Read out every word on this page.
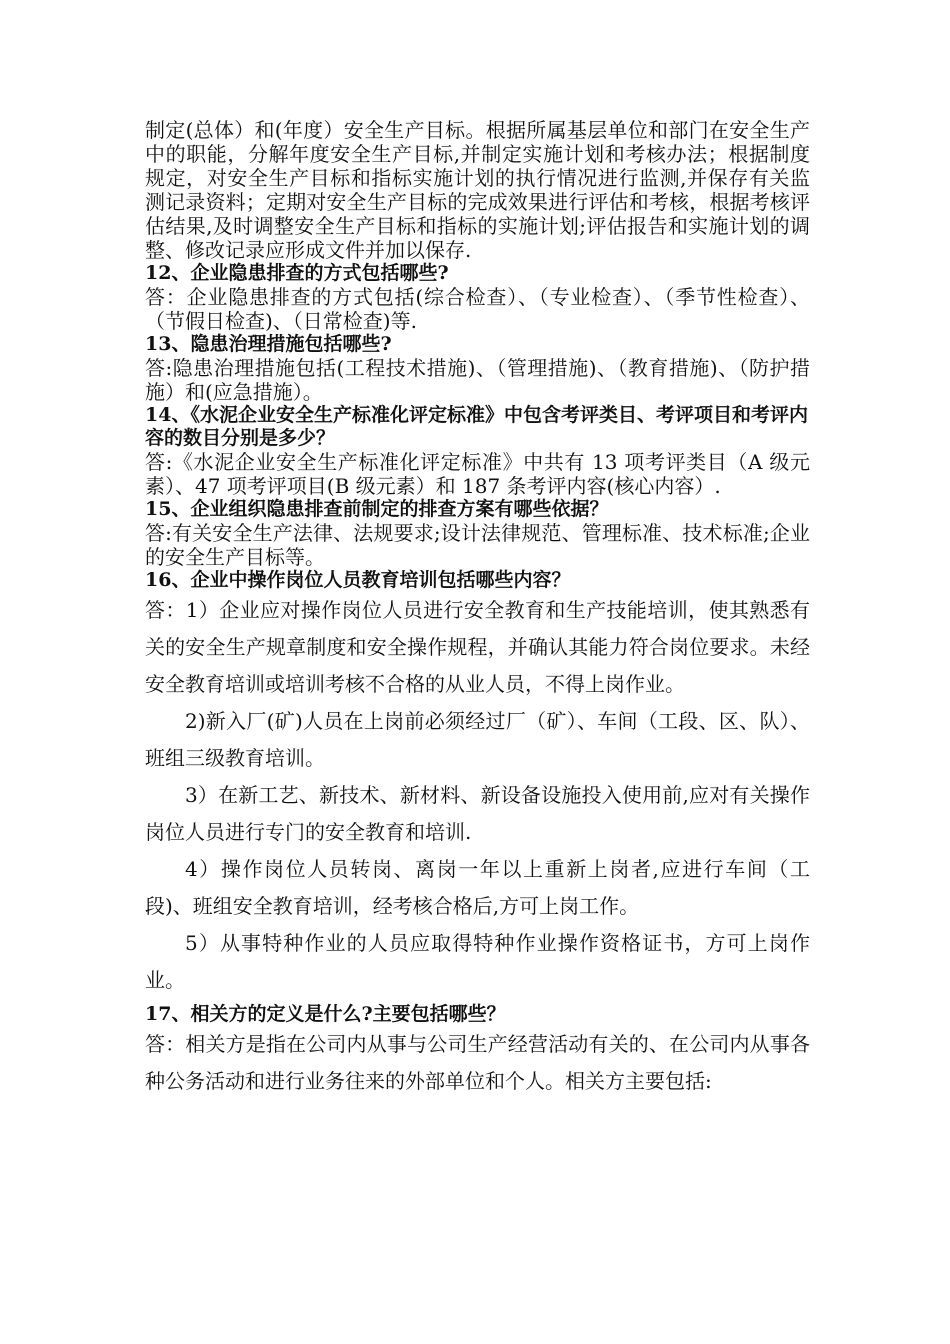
制定(总体）和(年度）安全生产目标。根据所属基层单位和部门在安全生产中的职能，分解年度安全生产目标,并制定实施计划和考核办法；根据制度规定，对安全生产目标和指标实施计划的执行情况进行监测,并保存有关监测记录资料；定期对安全生产目标的完成效果进行评估和考核，根据考核评估结果,及时调整安全生产目标和指标的实施计划;评估报告和实施计划的调整、修改记录应形成文件并加以保存.

12、企业隐患排查的方式包括哪些?

答：企业隐患排查的方式包括(综合检查）、（专业检查）、（季节性检查）、（节假日检查)、（日常检查)等.

13、隐患治理措施包括哪些?

答:隐患治理措施包括(工程技术措施)、（管理措施)、（教育措施)、（防护措施）和(应急措施）。

14、《水泥企业安全生产标准化评定标准》中包含考评类目、考评项目和考评内容的数目分别是多少？

答:《水泥企业安全生产标准化评定标准》中共有 13 项考评类目（A 级元素）、47 项考评项目(B 级元素）和 187 条考评内容(核心内容）.

15、企业组织隐患排查前制定的排查方案有哪些依据？

答:有关安全生产法律、法规要求;设计法律规范、管理标准、技术标准;企业的安全生产目标等。

16、企业中操作岗位人员教育培训包括哪些内容？

答：1）企业应对操作岗位人员进行安全教育和生产技能培训，使其熟悉有关的安全生产规章制度和安全操作规程，并确认其能力符合岗位要求。未经安全教育培训或培训考核不合格的从业人员，不得上岗作业。

2)新入厂(矿)人员在上岗前必须经过厂（矿）、车间（工段、区、队）、班组三级教育培训。

3）在新工艺、新技术、新材料、新设备设施投入使用前,应对有关操作岗位人员进行专门的安全教育和培训.

4）操作岗位人员转岗、离岗一年以上重新上岗者,应进行车间（工段)、班组安全教育培训，经考核合格后,方可上岗工作。

5）从事特种作业的人员应取得特种作业操作资格证书，方可上岗作业。

17、相关方的定义是什么?主要包括哪些？

答：相关方是指在公司内从事与公司生产经营活动有关的、在公司内从事各种公务活动和进行业务往来的外部单位和个人。相关方主要包括:
